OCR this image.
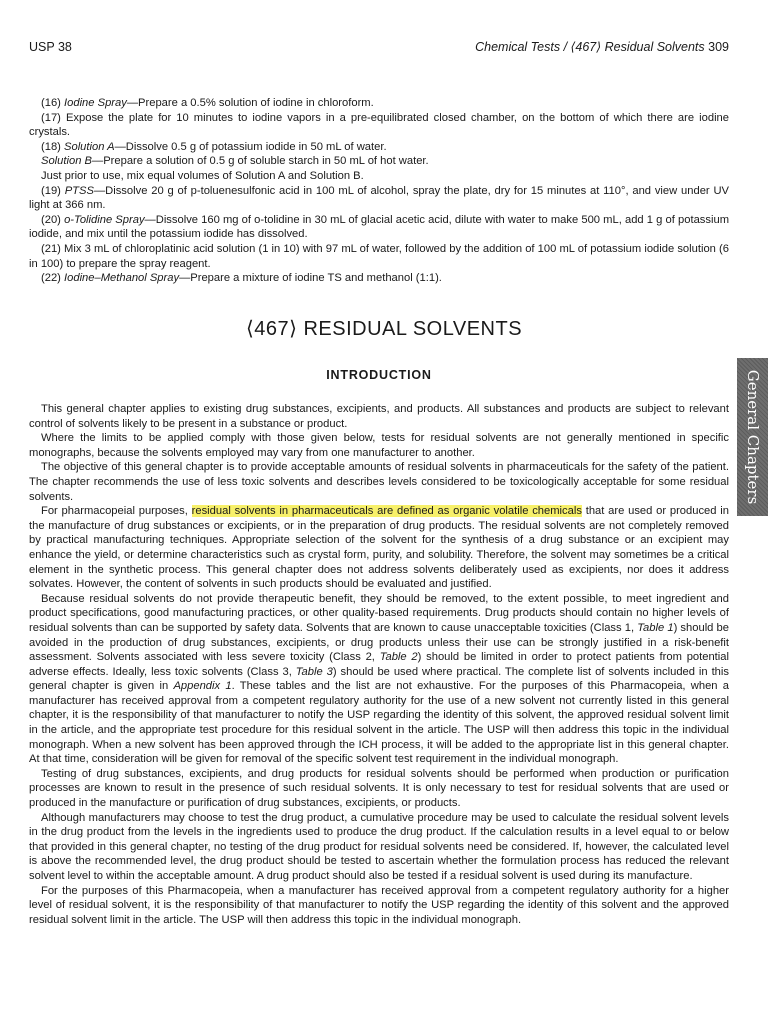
USP 38	Chemical Tests / ⟨467⟩ Residual Solvents 309

(16) Iodine Spray—Prepare a 0.5% solution of iodine in chloroform.

(17) Expose the plate for 10 minutes to iodine vapors in a pre-equilibrated closed chamber, on the bottom of which there are iodine crystals.

(18) Solution A—Dissolve 0.5 g of potassium iodide in 50 mL of water.

Solution B—Prepare a solution of 0.5 g of soluble starch in 50 mL of hot water.

Just prior to use, mix equal volumes of Solution A and Solution B.

(19) PTSS—Dissolve 20 g of p-toluenesulfonic acid in 100 mL of alcohol, spray the plate, dry for 15 minutes at 110°, and view under UV light at 366 nm.

(20) o-Tolidine Spray—Dissolve 160 mg of o-tolidine in 30 mL of glacial acetic acid, dilute with water to make 500 mL, add 1 g of potassium iodide, and mix until the potassium iodide has dissolved.

(21) Mix 3 mL of chloroplatinic acid solution (1 in 10) with 97 mL of water, followed by the addition of 100 mL of potassium iodide solution (6 in 100) to prepare the spray reagent.

(22) Iodine–Methanol Spray—Prepare a mixture of iodine TS and methanol (1:1).

⟨467⟩ RESIDUAL SOLVENTS
INTRODUCTION	General Chapters

This general chapter applies to existing drug substances, excipients, and products. All substances and products are subject to relevant control of solvents likely to be present in a substance or product.

Where the limits to be applied comply with those given below, tests for residual solvents are not generally mentioned in specific monographs, because the solvents employed may vary from one manufacturer to another.

The objective of this general chapter is to provide acceptable amounts of residual solvents in pharmaceuticals for the safety of the patient. The chapter recommends the use of less toxic solvents and describes levels considered to be toxicologically acceptable for some residual solvents.

For pharmacopeial purposes, residual solvents in pharmaceuticals are defined as organic volatile chemicals that are used or produced in the manufacture of drug substances or excipients, or in the preparation of drug products. The residual solvents are not completely removed by practical manufacturing techniques. Appropriate selection of the solvent for the synthesis of a drug substance or an excipient may enhance the yield, or determine characteristics such as crystal form, purity, and solubility. Therefore, the solvent may sometimes be a critical element in the synthetic process. This general chapter does not address solvents deliberately used as excipients, nor does it address solvates. However, the content of solvents in such products should be evaluated and justified.

Because residual solvents do not provide therapeutic benefit, they should be removed, to the extent possible, to meet ingredient and product specifications, good manufacturing practices, or other quality-based requirements. Drug products should contain no higher levels of residual solvents than can be supported by safety data. Solvents that are known to cause unacceptable toxicities (Class 1, Table 1) should be avoided in the production of drug substances, excipients, or drug products unless their use can be strongly justified in a risk-benefit assessment. Solvents associated with less severe toxicity (Class 2, Table 2) should be limited in order to protect patients from potential adverse effects. Ideally, less toxic solvents (Class 3, Table 3) should be used where practical. The complete list of solvents included in this general chapter is given in Appendix 1. These tables and the list are not exhaustive. For the purposes of this Pharmacopeia, when a manufacturer has received approval from a competent regulatory authority for the use of a new solvent not currently listed in this general chapter, it is the responsibility of that manufacturer to notify the USP regarding the identity of this solvent, the approved residual solvent limit in the article, and the appropriate test procedure for this residual solvent in the article. The USP will then address this topic in the individual monograph. When a new solvent has been approved through the ICH process, it will be added to the appropriate list in this general chapter. At that time, consideration will be given for removal of the specific solvent test requirement in the individual monograph.

Testing of drug substances, excipients, and drug products for residual solvents should be performed when production or purification processes are known to result in the presence of such residual solvents. It is only necessary to test for residual solvents that are used or produced in the manufacture or purification of drug substances, excipients, or products.

Although manufacturers may choose to test the drug product, a cumulative procedure may be used to calculate the residual solvent levels in the drug product from the levels in the ingredients used to produce the drug product. If the calculation results in a level equal to or below that provided in this general chapter, no testing of the drug product for residual solvents need be considered. If, however, the calculated level is above the recommended level, the drug product should be tested to ascertain whether the formulation process has reduced the relevant solvent level to within the acceptable amount. A drug product should also be tested if a residual solvent is used during its manufacture.

For the purposes of this Pharmacopeia, when a manufacturer has received approval from a competent regulatory authority for a higher level of residual solvent, it is the responsibility of that manufacturer to notify the USP regarding the identity of this solvent and the approved residual solvent limit in the article. The USP will then address this topic in the individual monograph.
